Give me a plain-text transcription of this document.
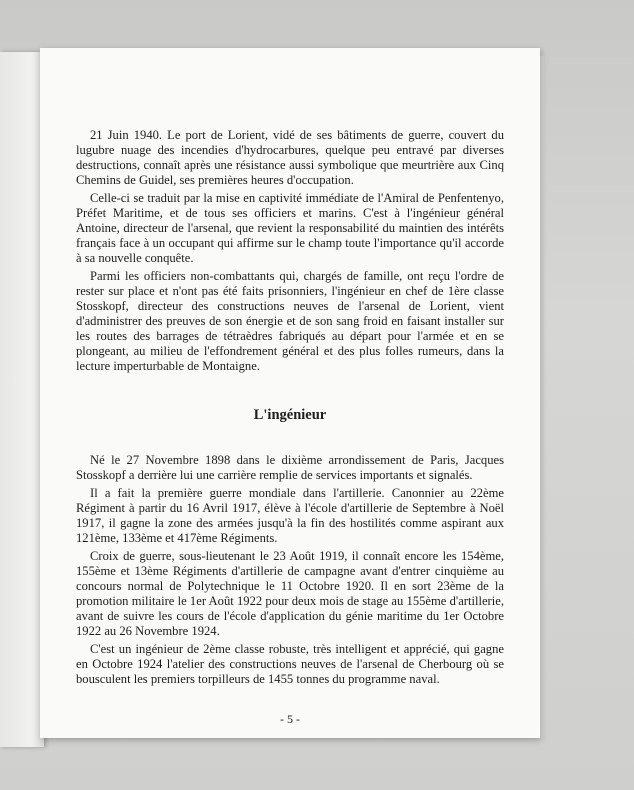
21 Juin 1940. Le port de Lorient, vidé de ses bâtiments de guerre, couvert du lugubre nuage des incendies d'hydrocarbures, quelque peu entravé par diverses destructions, connaît après une résistance aussi symbolique que meurtrière aux Cinq Chemins de Guidel, ses premières heures d'occupation.

Celle-ci se traduit par la mise en captivité immédiate de l'Amiral de Penfentenyo, Préfet Maritime, et de tous ses officiers et marins. C'est à l'ingénieur général Antoine, directeur de l'arsenal, que revient la responsabilité du maintien des intérêts français face à un occupant qui affirme sur le champ toute l'importance qu'il accorde à sa nouvelle conquête.

Parmi les officiers non-combattants qui, chargés de famille, ont reçu l'ordre de rester sur place et n'ont pas été faits prisonniers, l'ingénieur en chef de 1ère classe Stosskopf, directeur des constructions neuves de l'arsenal de Lorient, vient d'administrer des preuves de son énergie et de son sang froid en faisant installer sur les routes des barrages de tétraèdres fabriqués au départ pour l'armée et en se plongeant, au milieu de l'effondrement général et des plus folles rumeurs, dans la lecture imperturbable de Montaigne.

L'ingénieur

Né le 27 Novembre 1898 dans le dixième arrondissement de Paris, Jacques Stosskopf a derrière lui une carrière remplie de services importants et signalés.

Il a fait la première guerre mondiale dans l'artillerie. Canonnier au 22ème Régiment à partir du 16 Avril 1917, élève à l'école d'artillerie de Septembre à Noël 1917, il gagne la zone des armées jusqu'à la fin des hostilités comme aspirant aux 121ème, 133ème et 417ème Régiments.

Croix de guerre, sous-lieutenant le 23 Août 1919, il connaît encore les 154ème, 155ème et 13ème Régiments d'artillerie de campagne avant d'entrer cinquième au concours normal de Polytechnique le 11 Octobre 1920. Il en sort 23ème de la promotion militaire le 1er Août 1922 pour deux mois de stage au 155ème d'artillerie, avant de suivre les cours de l'école d'application du génie maritime du 1er Octobre 1922 au 26 Novembre 1924.

C'est un ingénieur de 2ème classe robuste, très intelligent et apprécié, qui gagne en Octobre 1924 l'atelier des constructions neuves de l'arsenal de Cherbourg où se bousculent les premiers torpilleurs de 1455 tonnes du programme naval.

- 5 -
